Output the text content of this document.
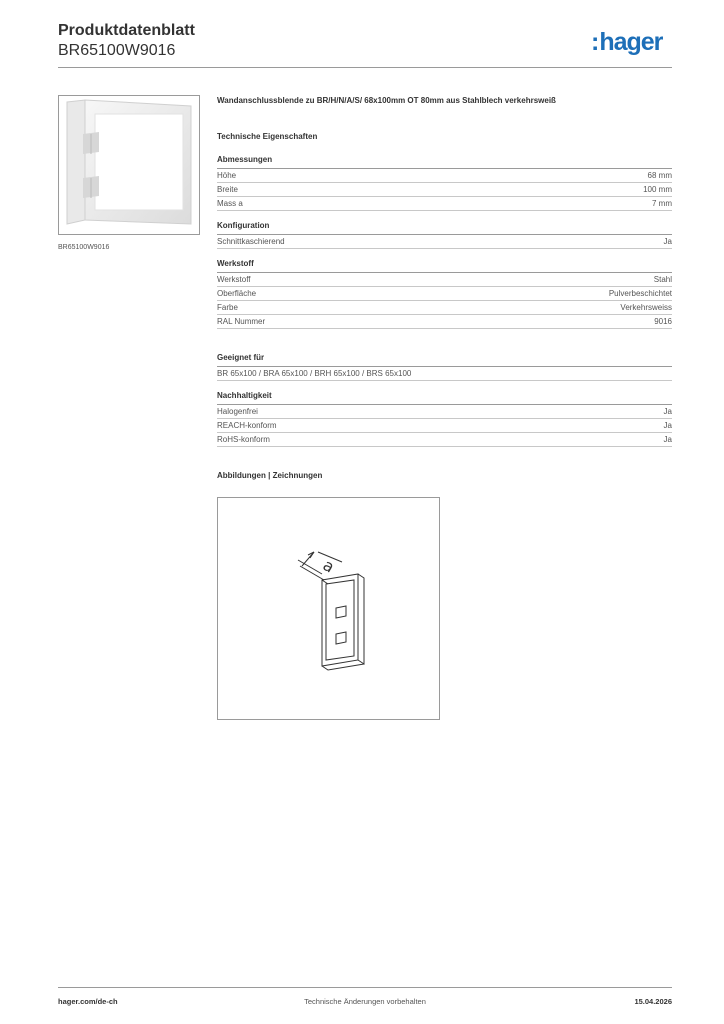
Produktdatenblatt
BR65100W9016	:hager
BR65100W9016
Wandanschlussblende zu BR/H/N/A/S/ 68x100mm OT 80mm aus Stahlblech verkehrsweiß
Technische Eigenschaften
Abmessungen
Höhe	68 mm
Breite	100 mm
Mass a	7 mm
Konfiguration
Schnittkaschierend	Ja
Werkstoff
Werkstoff	Stahl
Oberfläche	Pulverbeschichtet
Farbe	Verkehrsweiss
RAL Nummer	9016
Geeignet für
BR 65x100 / BRA 65x100 / BRH 65x100 / BRS 65x100
Nachhaltigkeit
Halogenfrei	Ja
REACH-konform	Ja
RoHS-konform	Ja
Abbildungen | Zeichnungen
a
hager.com/de-ch	Technische Änderungen vorbehalten	15.04.2026
